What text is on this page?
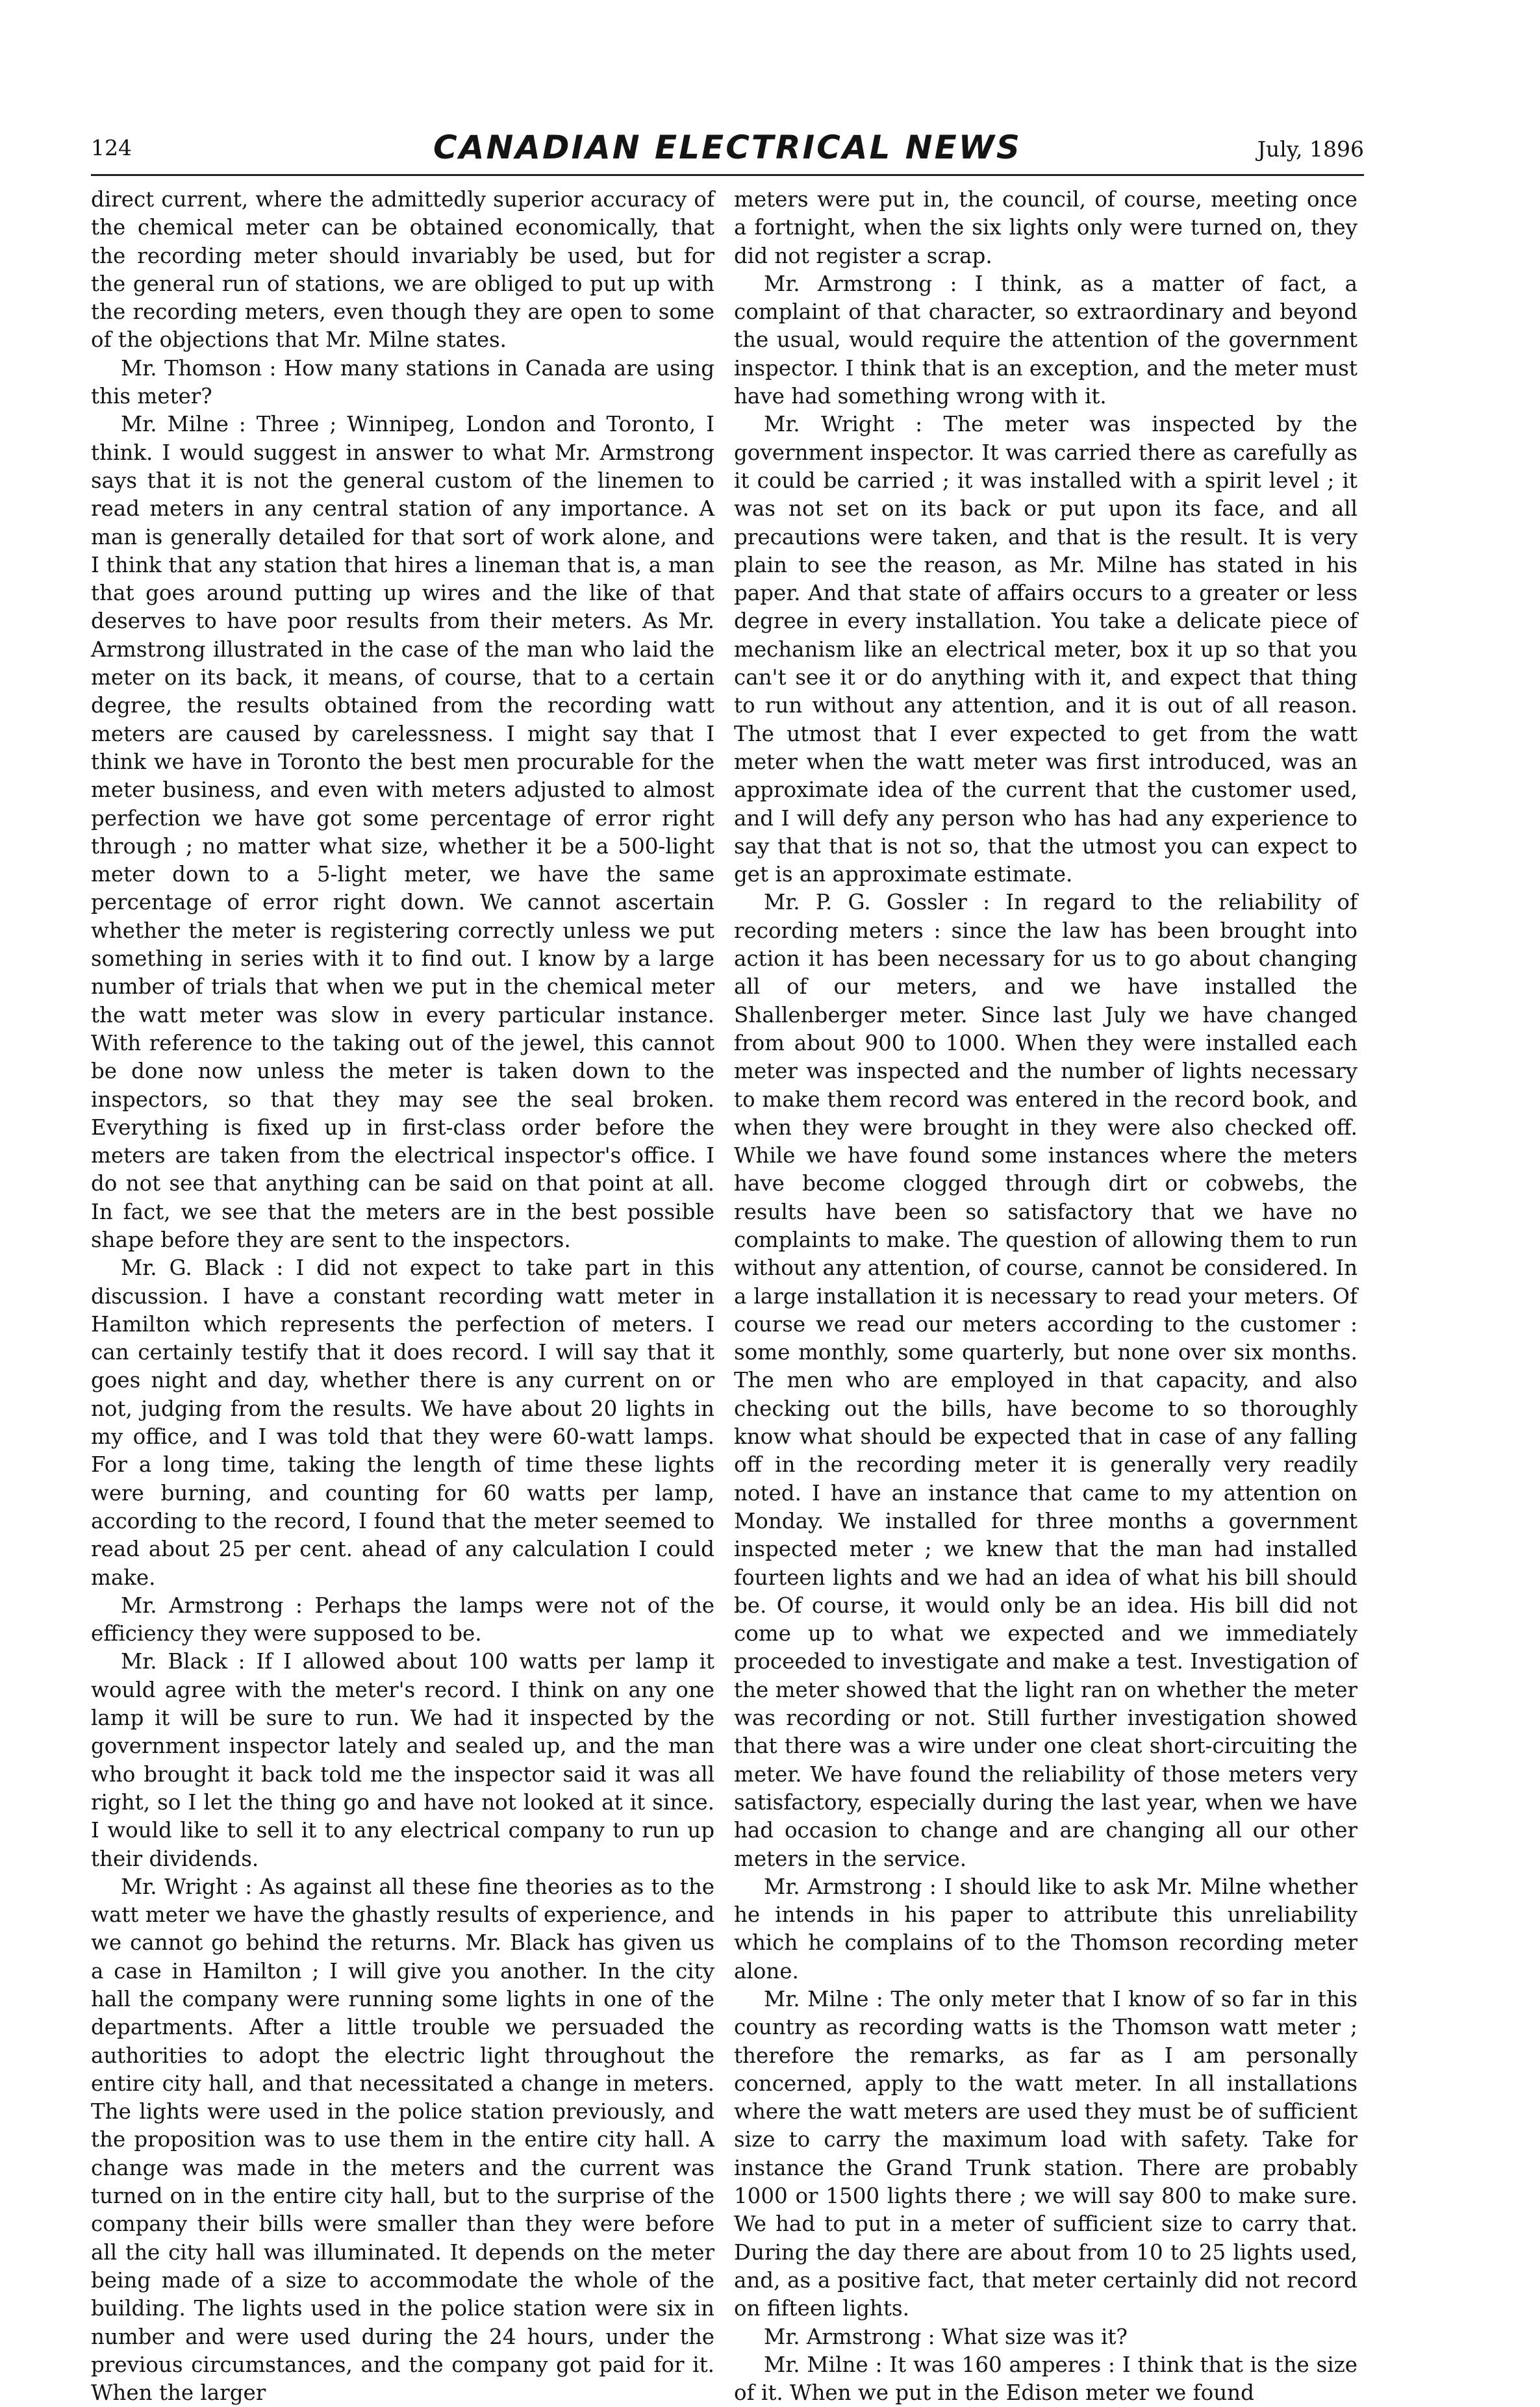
124	CANADIAN ELECTRICAL NEWS	July, 1896

direct current, where the admittedly superior accuracy of the chemical meter can be obtained economically, that the recording meter should invariably be used, but for the general run of stations, we are obliged to put up with the recording meters, even though they are open to some of the objections that Mr. Milne states.

Mr. Thomson : How many stations in Canada are using this meter?

Mr. Milne : Three ; Winnipeg, London and Toronto, I think. I would suggest in answer to what Mr. Armstrong says that it is not the general custom of the linemen to read meters in any central station of any importance. A man is generally detailed for that sort of work alone, and I think that any station that hires a lineman that is, a man that goes around putting up wires and the like of that deserves to have poor results from their meters. As Mr. Armstrong illustrated in the case of the man who laid the meter on its back, it means, of course, that to a certain degree, the results obtained from the recording watt meters are caused by carelessness. I might say that I think we have in Toronto the best men procurable for the meter business, and even with meters adjusted to almost perfection we have got some percentage of error right through ; no matter what size, whether it be a 500-light meter down to a 5-light meter, we have the same percentage of error right down. We cannot ascertain whether the meter is registering correctly unless we put something in series with it to find out. I know by a large number of trials that when we put in the chemical meter the watt meter was slow in every particular instance. With reference to the taking out of the jewel, this cannot be done now unless the meter is taken down to the inspectors, so that they may see the seal broken. Everything is fixed up in first-class order before the meters are taken from the electrical inspector's office. I do not see that anything can be said on that point at all. In fact, we see that the meters are in the best possible shape before they are sent to the inspectors.

Mr. G. Black : I did not expect to take part in this discussion. I have a constant recording watt meter in Hamilton which represents the perfection of meters. I can certainly testify that it does record. I will say that it goes night and day, whether there is any current on or not, judging from the results. We have about 20 lights in my office, and I was told that they were 60-watt lamps. For a long time, taking the length of time these lights were burning, and counting for 60 watts per lamp, according to the record, I found that the meter seemed to read about 25 per cent. ahead of any calculation I could make.

Mr. Armstrong : Perhaps the lamps were not of the efficiency they were supposed to be.

Mr. Black : If I allowed about 100 watts per lamp it would agree with the meter's record. I think on any one lamp it will be sure to run. We had it inspected by the government inspector lately and sealed up, and the man who brought it back told me the inspector said it was all right, so I let the thing go and have not looked at it since. I would like to sell it to any electrical company to run up their dividends.

Mr. Wright : As against all these fine theories as to the watt meter we have the ghastly results of experience, and we cannot go behind the returns. Mr. Black has given us a case in Hamilton ; I will give you another. In the city hall the company were running some lights in one of the departments. After a little trouble we persuaded the authorities to adopt the electric light throughout the entire city hall, and that necessitated a change in meters. The lights were used in the police station previously, and the proposition was to use them in the entire city hall. A change was made in the meters and the current was turned on in the entire city hall, but to the surprise of the company their bills were smaller than they were before all the city hall was illuminated. It depends on the meter being made of a size to accommodate the whole of the building. The lights used in the police station were six in number and were used during the 24 hours, under the previous circumstances, and the company got paid for it. When the larger

meters were put in, the council, of course, meeting once a fortnight, when the six lights only were turned on, they did not register a scrap.

Mr. Armstrong : I think, as a matter of fact, a complaint of that character, so extraordinary and beyond the usual, would require the attention of the government inspector. I think that is an exception, and the meter must have had something wrong with it.

Mr. Wright : The meter was inspected by the government inspector. It was carried there as carefully as it could be carried ; it was installed with a spirit level ; it was not set on its back or put upon its face, and all precautions were taken, and that is the result. It is very plain to see the reason, as Mr. Milne has stated in his paper. And that state of affairs occurs to a greater or less degree in every installation. You take a delicate piece of mechanism like an electrical meter, box it up so that you can't see it or do anything with it, and expect that thing to run without any attention, and it is out of all reason. The utmost that I ever expected to get from the watt meter when the watt meter was first introduced, was an approximate idea of the current that the customer used, and I will defy any person who has had any experience to say that that is not so, that the utmost you can expect to get is an approximate estimate.

Mr. P. G. Gossler : In regard to the reliability of recording meters : since the law has been brought into action it has been necessary for us to go about changing all of our meters, and we have installed the Shallenberger meter. Since last July we have changed from about 900 to 1000. When they were installed each meter was inspected and the number of lights necessary to make them record was entered in the record book, and when they were brought in they were also checked off. While we have found some instances where the meters have become clogged through dirt or cobwebs, the results have been so satisfactory that we have no complaints to make. The question of allowing them to run without any attention, of course, cannot be considered. In a large installation it is necessary to read your meters. Of course we read our meters according to the customer : some monthly, some quarterly, but none over six months. The men who are employed in that capacity, and also checking out the bills, have become to so thoroughly know what should be expected that in case of any falling off in the recording meter it is generally very readily noted. I have an instance that came to my attention on Monday. We installed for three months a government inspected meter ; we knew that the man had installed fourteen lights and we had an idea of what his bill should be. Of course, it would only be an idea. His bill did not come up to what we expected and we immediately proceeded to investigate and make a test. Investigation of the meter showed that the light ran on whether the meter was recording or not. Still further investigation showed that there was a wire under one cleat short-circuiting the meter. We have found the reliability of those meters very satisfactory, especially during the last year, when we have had occasion to change and are changing all our other meters in the service.

Mr. Armstrong : I should like to ask Mr. Milne whether he intends in his paper to attribute this unreliability which he complains of to the Thomson recording meter alone.

Mr. Milne : The only meter that I know of so far in this country as recording watts is the Thomson watt meter ; therefore the remarks, as far as I am personally concerned, apply to the watt meter. In all installations where the watt meters are used they must be of sufficient size to carry the maximum load with safety. Take for instance the Grand Trunk station. There are probably 1000 or 1500 lights there ; we will say 800 to make sure. We had to put in a meter of sufficient size to carry that. During the day there are about from 10 to 25 lights used, and, as a positive fact, that meter certainly did not record on fifteen lights.

Mr. Armstrong : What size was it?

Mr. Milne : It was 160 amperes : I think that is the size of it. When we put in the Edison meter we found
